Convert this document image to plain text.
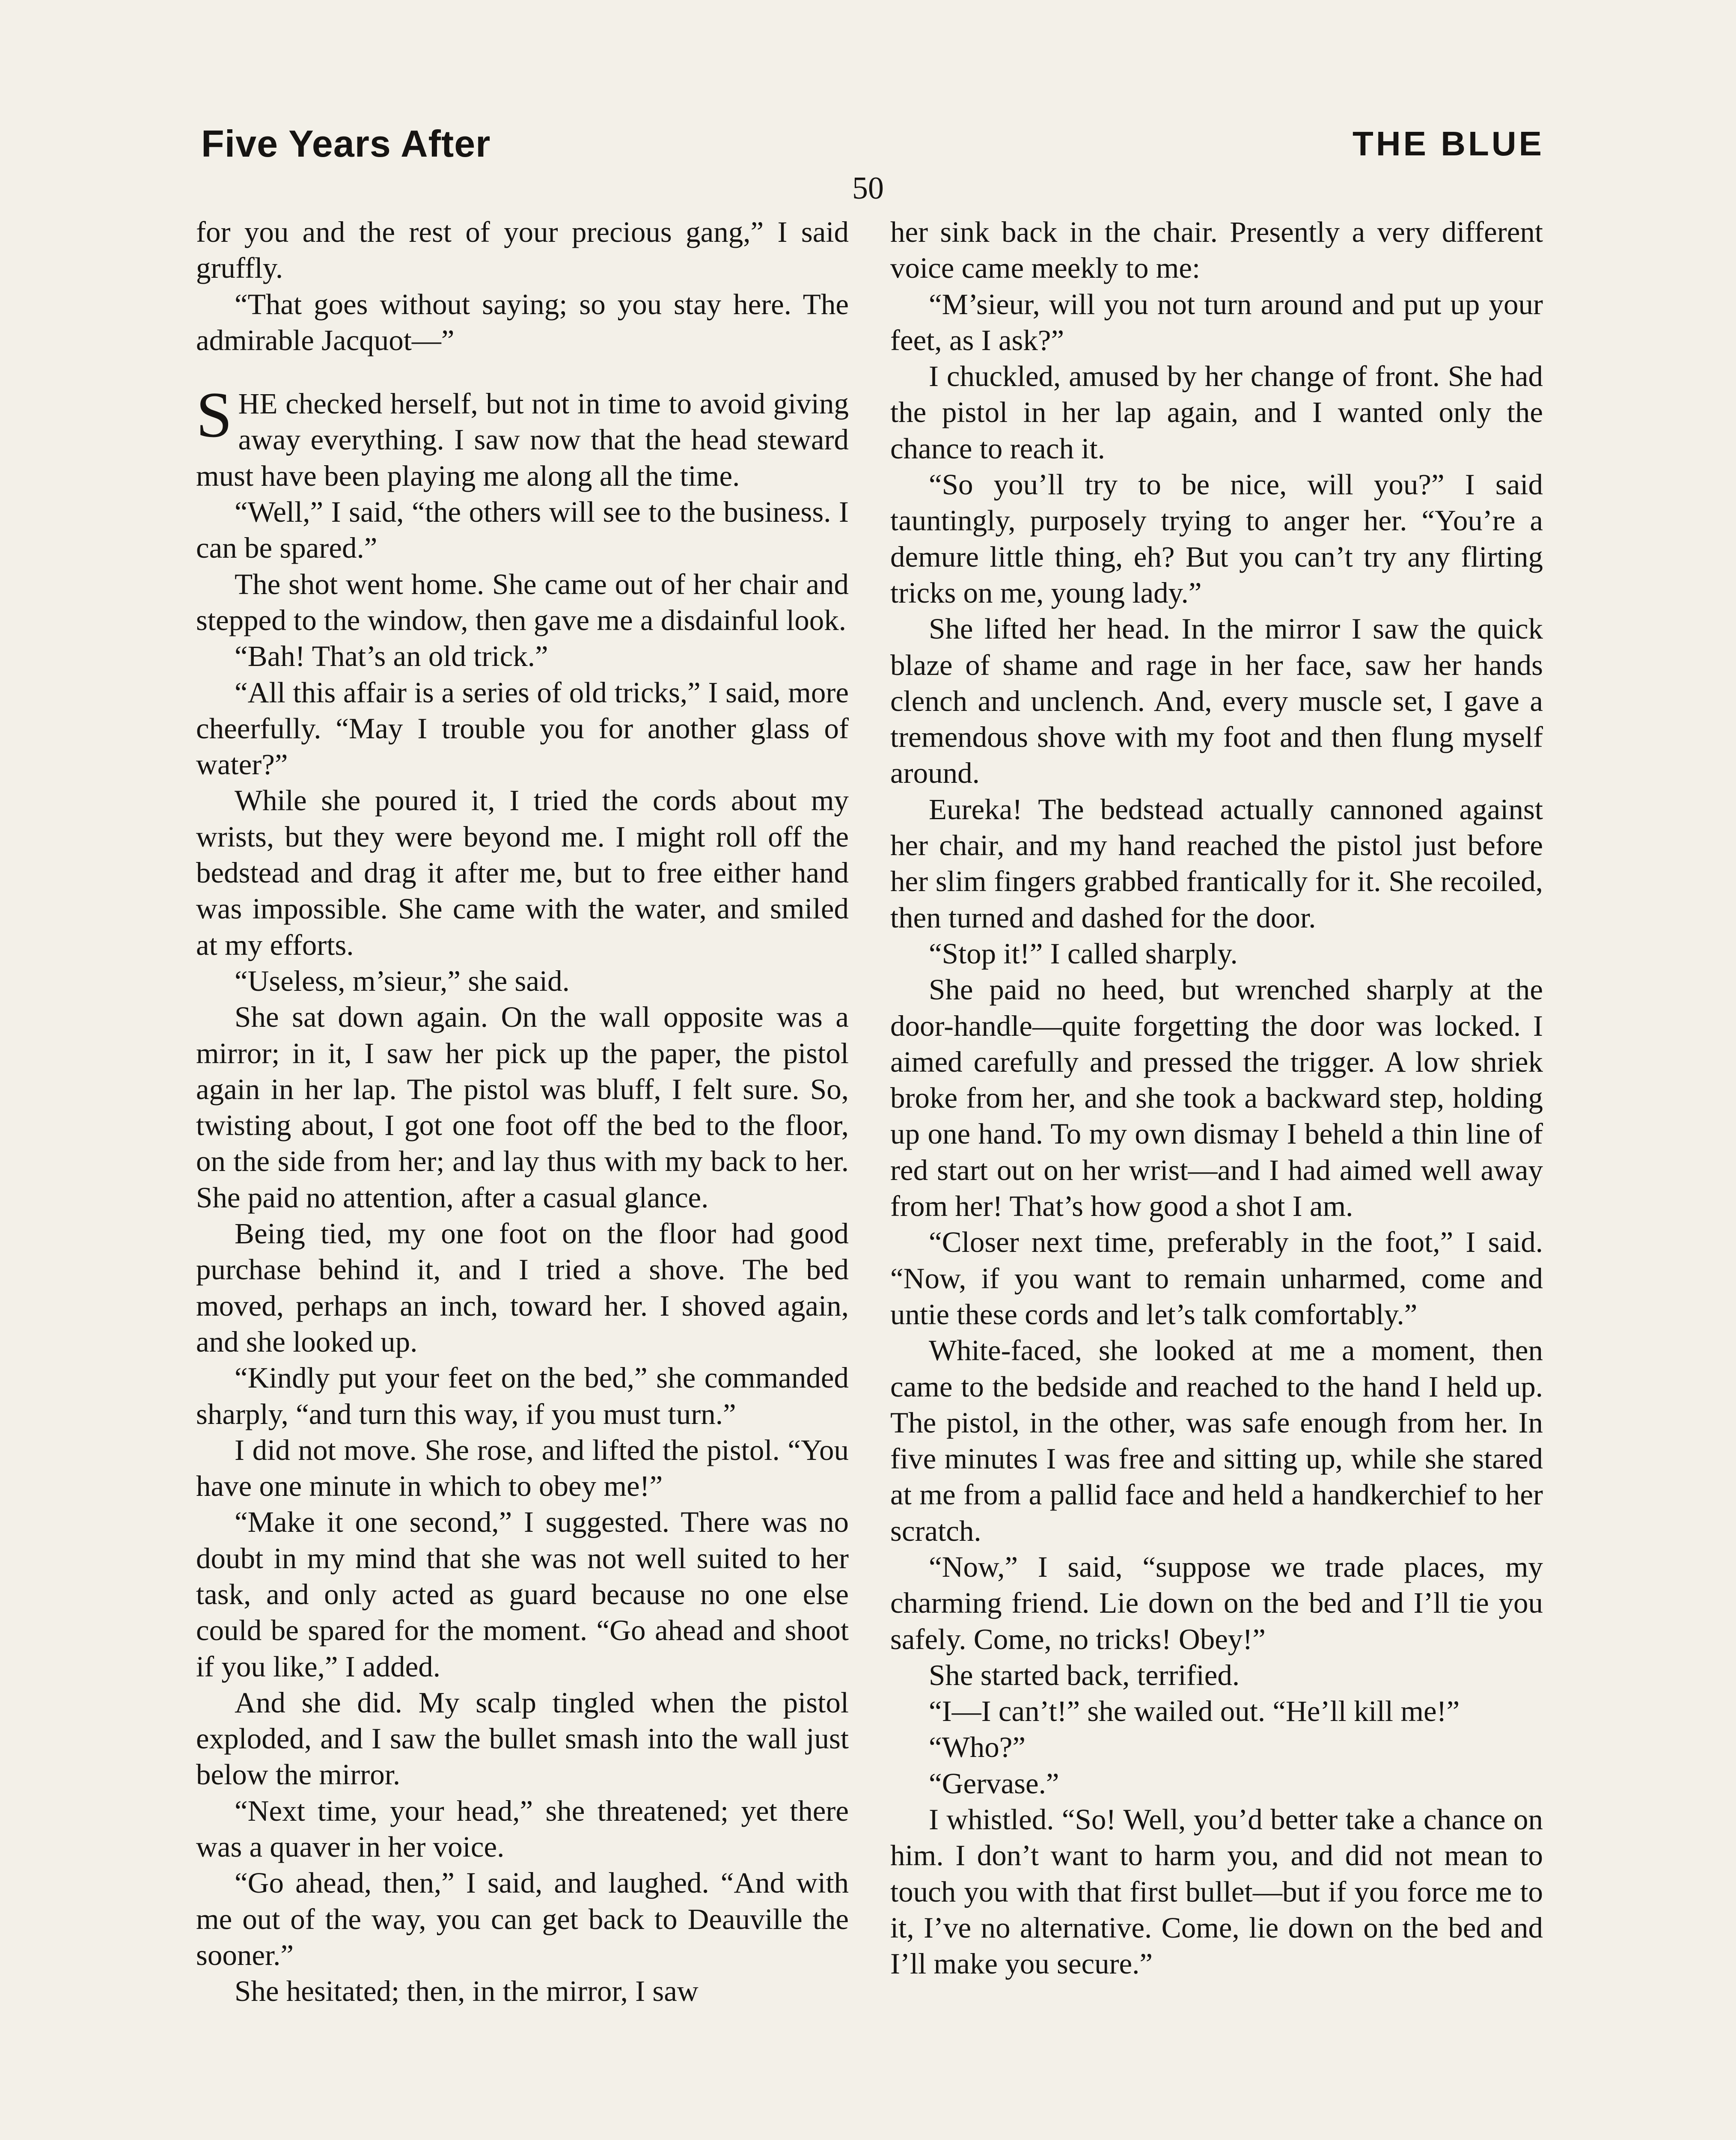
Five Years After	THE BLUE
50

for you and the rest of your precious gang,” I said gruffly.

“That goes without saying; so you stay here. The admirable Jacquot—”

SHE checked herself, but not in time to avoid giving away everything. I saw now that the head steward must have been playing me along all the time.

“Well,” I said, “the others will see to the business. I can be spared.”

The shot went home. She came out of her chair and stepped to the window, then gave me a disdainful look.

“Bah! That’s an old trick.”

“All this affair is a series of old tricks,” I said, more cheerfully. “May I trouble you for another glass of water?”

While she poured it, I tried the cords about my wrists, but they were beyond me. I might roll off the bedstead and drag it after me, but to free either hand was impossible. She came with the water, and smiled at my efforts.

“Useless, m’sieur,” she said.

She sat down again. On the wall opposite was a mirror; in it, I saw her pick up the paper, the pistol again in her lap. The pistol was bluff, I felt sure. So, twisting about, I got one foot off the bed to the floor, on the side from her; and lay thus with my back to her. She paid no attention, after a casual glance.

Being tied, my one foot on the floor had good purchase behind it, and I tried a shove. The bed moved, perhaps an inch, toward her. I shoved again, and she looked up.

“Kindly put your feet on the bed,” she commanded sharply, “and turn this way, if you must turn.”

I did not move. She rose, and lifted the pistol. “You have one minute in which to obey me!”

“Make it one second,” I suggested. There was no doubt in my mind that she was not well suited to her task, and only acted as guard because no one else could be spared for the moment. “Go ahead and shoot if you like,” I added.

And she did. My scalp tingled when the pistol exploded, and I saw the bullet smash into the wall just below the mirror.

“Next time, your head,” she threatened; yet there was a quaver in her voice.

“Go ahead, then,” I said, and laughed. “And with me out of the way, you can get back to Deauville the sooner.”

She hesitated; then, in the mirror, I saw

her sink back in the chair. Presently a very different voice came meekly to me:

“M’sieur, will you not turn around and put up your feet, as I ask?”

I chuckled, amused by her change of front. She had the pistol in her lap again, and I wanted only the chance to reach it.

“So you’ll try to be nice, will you?” I said tauntingly, purposely trying to anger her. “You’re a demure little thing, eh? But you can’t try any flirting tricks on me, young lady.”

She lifted her head. In the mirror I saw the quick blaze of shame and rage in her face, saw her hands clench and unclench. And, every muscle set, I gave a tremendous shove with my foot and then flung myself around.

Eureka! The bedstead actually cannoned against her chair, and my hand reached the pistol just before her slim fingers grabbed frantically for it. She recoiled, then turned and dashed for the door.

“Stop it!” I called sharply.

She paid no heed, but wrenched sharply at the door-handle—quite forgetting the door was locked. I aimed carefully and pressed the trigger. A low shriek broke from her, and she took a backward step, holding up one hand. To my own dismay I beheld a thin line of red start out on her wrist—and I had aimed well away from her! That’s how good a shot I am.

“Closer next time, preferably in the foot,” I said. “Now, if you want to remain unharmed, come and untie these cords and let’s talk comfortably.”

White-faced, she looked at me a moment, then came to the bedside and reached to the hand I held up. The pistol, in the other, was safe enough from her. In five minutes I was free and sitting up, while she stared at me from a pallid face and held a handkerchief to her scratch.

“Now,” I said, “suppose we trade places, my charming friend. Lie down on the bed and I’ll tie you safely. Come, no tricks! Obey!”

She started back, terrified.

“I—I can’t!” she wailed out. “He’ll kill me!”

“Who?”

“Gervase.”

I whistled. “So! Well, you’d better take a chance on him. I don’t want to harm you, and did not mean to touch you with that first bullet—but if you force me to it, I’ve no alternative. Come, lie down on the bed and I’ll make you secure.”
